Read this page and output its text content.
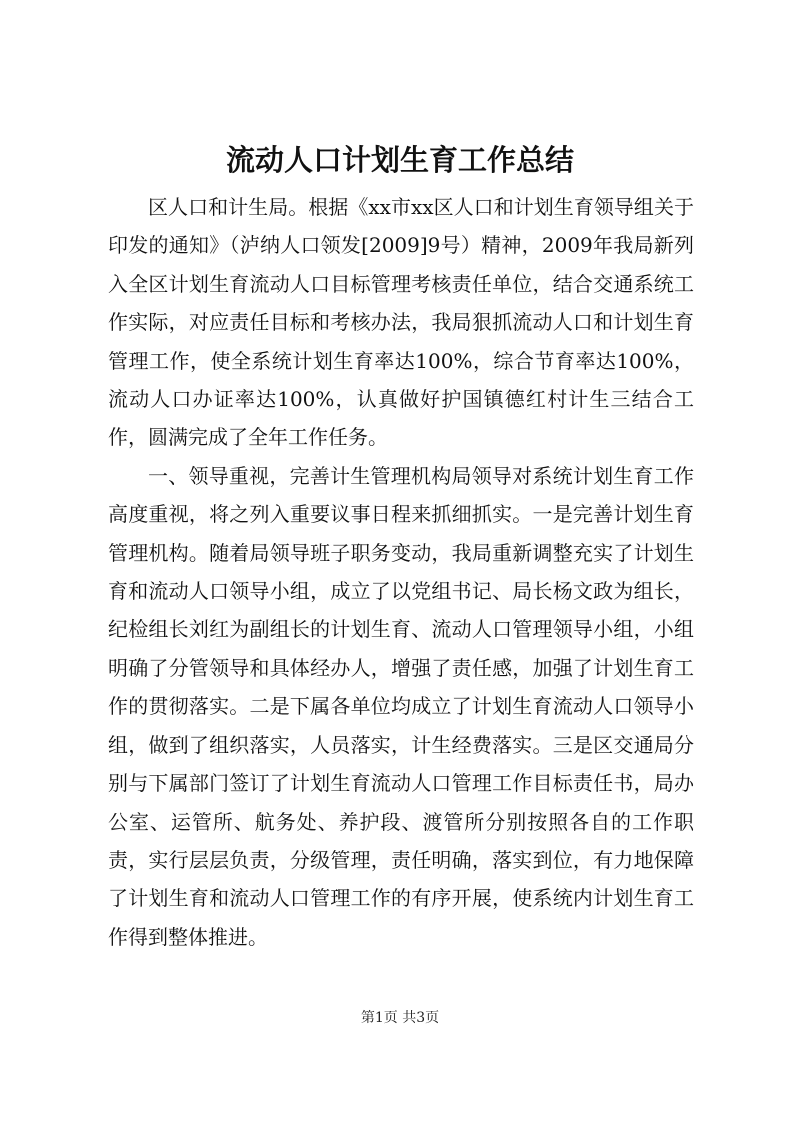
流动人口计划生育工作总结

区人口和计生局。根据《xx市xx区人口和计划生育领导组关于印发的通知》（泸纳人口领发[2009]9号）精神，2009年我局新列入全区计划生育流动人口目标管理考核责任单位，结合交通系统工作实际，对应责任目标和考核办法，我局狠抓流动人口和计划生育管理工作，使全系统计划生育率达100%，综合节育率达100%，流动人口办证率达100%，认真做好护国镇德红村计生三结合工作，圆满完成了全年工作任务。

一、领导重视，完善计生管理机构局领导对系统计划生育工作高度重视，将之列入重要议事日程来抓细抓实。一是完善计划生育管理机构。随着局领导班子职务变动，我局重新调整充实了计划生育和流动人口领导小组，成立了以党组书记、局长杨文政为组长，纪检组长刘红为副组长的计划生育、流动人口管理领导小组，小组明确了分管领导和具体经办人，增强了责任感，加强了计划生育工作的贯彻落实。二是下属各单位均成立了计划生育流动人口领导小组，做到了组织落实，人员落实，计生经费落实。三是区交通局分别与下属部门签订了计划生育流动人口管理工作目标责任书，局办公室、运管所、航务处、养护段、渡管所分别按照各自的工作职责，实行层层负责，分级管理，责任明确，落实到位，有力地保障了计划生育和流动人口管理工作的有序开展，使系统内计划生育工作得到整体推进。

第1页 共3页
